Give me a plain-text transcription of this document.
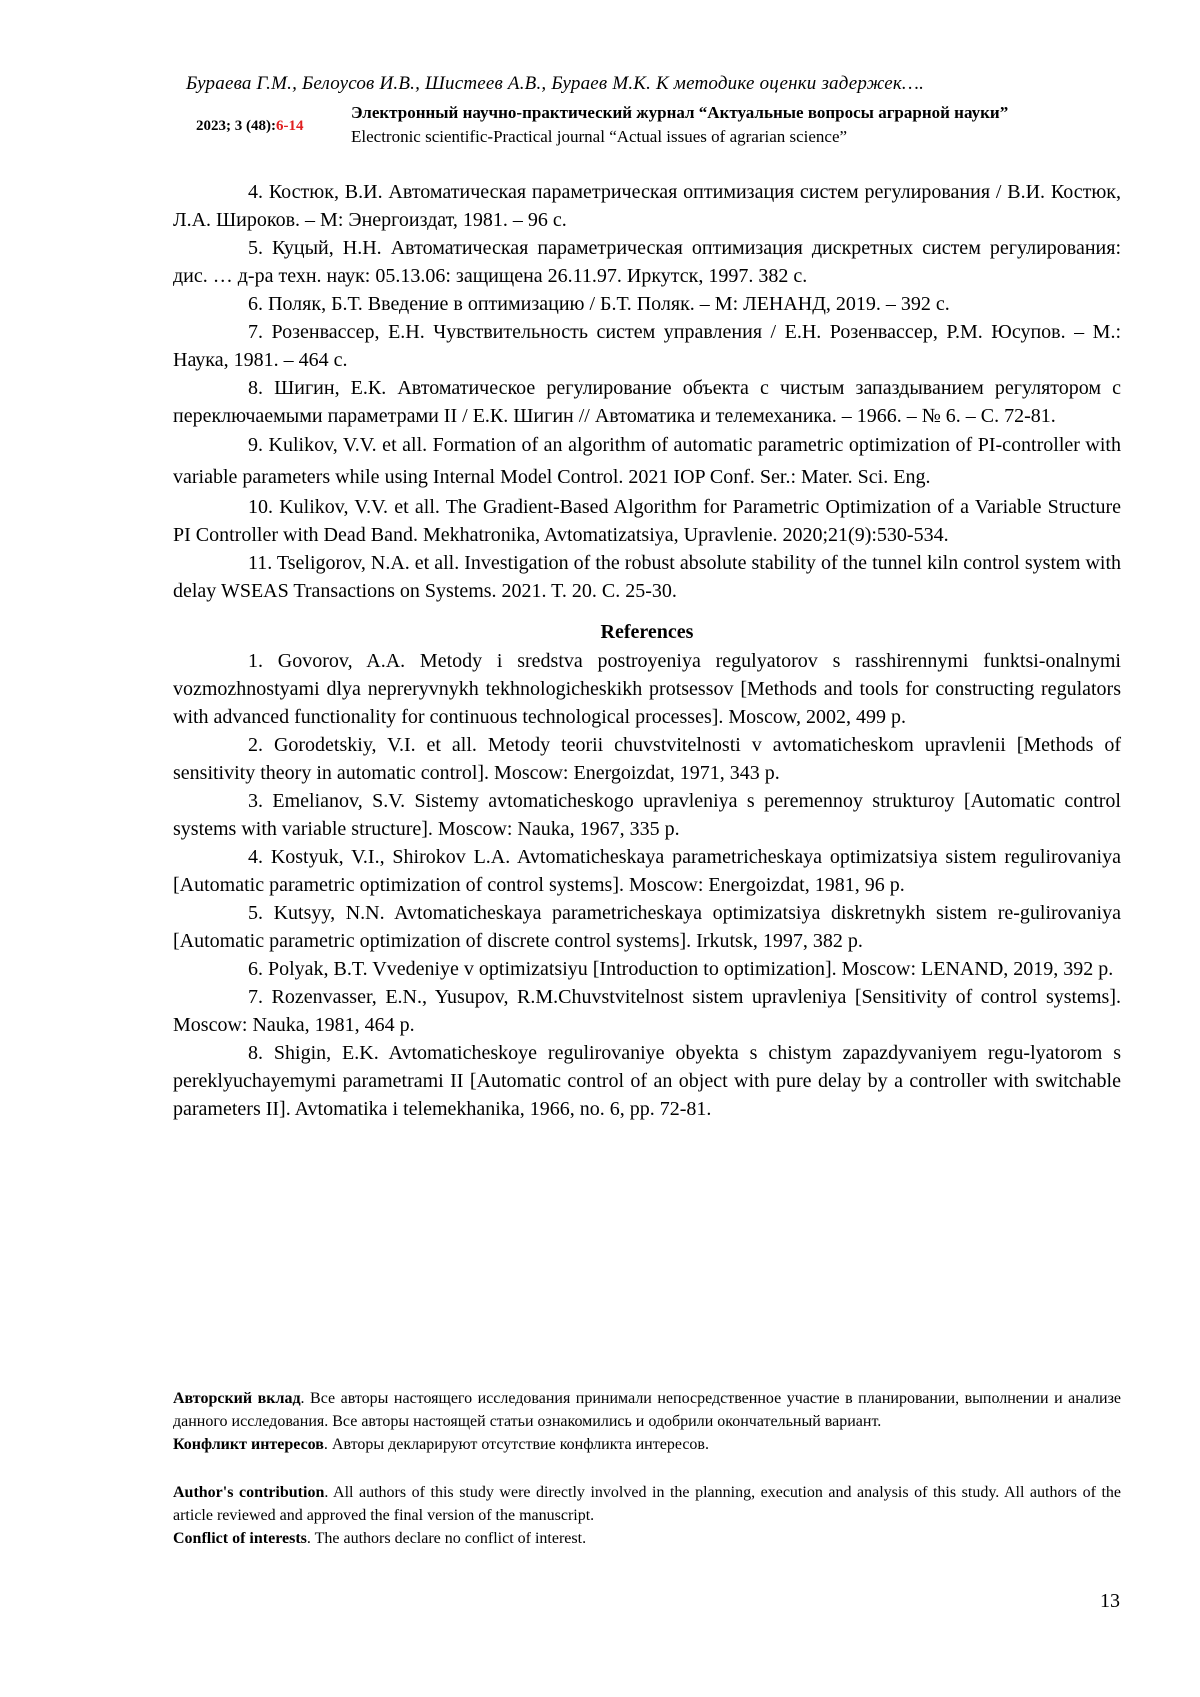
Бураева Г.М., Белоусов И.В., Шистеев А.В., Бураев М.К. К методике оценки задержек….
2023; 3 (48):6-14
Электронный научно-практический журнал “Актуальные вопросы аграрной науки”
Electronic scientific-Practical journal “Actual issues of agrarian science”

4. Костюк, В.И. Автоматическая параметрическая оптимизация систем регулирования / В.И. Костюк, Л.А. Широков. – М: Энергоиздат, 1981. – 96 с.

5. Куцый, Н.Н. Автоматическая параметрическая оптимизация дискретных систем регулирования: дис. … д-ра техн. наук: 05.13.06: защищена 26.11.97. Иркутск, 1997. 382 с.

6. Поляк, Б.Т. Введение в оптимизацию / Б.Т. Поляк. – М: ЛЕНАНД, 2019. – 392 с.

7. Розенвассер, Е.Н. Чувствительность систем управления / Е.Н. Розенвассер, Р.М. Юсупов. – М.: Наука, 1981. – 464 с.

8. Шигин, Е.К. Автоматическое регулирование объекта с чистым запаздыванием регулятором с переключаемыми параметрами II / Е.К. Шигин // Автоматика и телемеханика. – 1966. – № 6. – С. 72-81.

9. Kulikov, V.V. et all. Formation of an algorithm of automatic parametric optimization of PI-controller with variable parameters while using Internal Model Control. 2021 IOP Conf. Ser.: Mater. Sci. Eng.

10. Kulikov, V.V. et all. The Gradient-Based Algorithm for Parametric Optimization of a Variable Structure PI Controller with Dead Band. Mekhatronika, Avtomatizatsiya, Upravlenie. 2020;21(9):530-534.

11. Tseligorov, N.A. et all. Investigation of the robust absolute stability of the tunnel kiln control system with delay WSEAS Transactions on Systems. 2021. T. 20. C. 25-30.

References

1. Govorov, A.A. Metody i sredstva postroyeniya regulyatorov s rasshirennymi funktsi-onalnymi vozmozhnostyami dlya nepreryvnykh tekhnologicheskikh protsessov [Methods and tools for constructing regulators with advanced functionality for continuous technological processes]. Moscow, 2002, 499 p.

2. Gorodetskiy, V.I. et all. Metody teorii chuvstvitelnosti v avtomaticheskom upravlenii [Methods of sensitivity theory in automatic control]. Moscow: Energoizdat, 1971, 343 p.

3. Emelianov, S.V. Sistemy avtomaticheskogo upravleniya s peremennoy strukturoy [Automatic control systems with variable structure]. Moscow: Nauka, 1967, 335 p.

4. Kostyuk, V.I., Shirokov L.A. Avtomaticheskaya parametricheskaya optimizatsiya sistem regulirovaniya [Automatic parametric optimization of control systems]. Moscow: Energoizdat, 1981, 96 p.

5. Kutsyy, N.N. Avtomaticheskaya parametricheskaya optimizatsiya diskretnykh sistem re-gulirovaniya [Automatic parametric optimization of discrete control systems]. Irkutsk, 1997, 382 p.

6. Polyak, B.T. Vvedeniye v optimizatsiyu [Introduction to optimization]. Moscow: LENAND, 2019, 392 p.

7. Rozenvasser, E.N., Yusupov, R.M.Chuvstvitelnost sistem upravleniya [Sensitivity of control systems]. Moscow: Nauka, 1981, 464 p.

8. Shigin, E.K. Avtomaticheskoye regulirovaniye obyekta s chistym zapazdyvaniyem regu-lyatorom s pereklyuchayemymi parametrami II [Automatic control of an object with pure delay by a controller with switchable parameters II]. Avtomatika i telemekhanika, 1966, no. 6, pp. 72-81.

Авторский вклад. Все авторы настоящего исследования принимали непосредственное участие в планировании, выполнении и анализе данного исследования. Все авторы настоящей статьи ознакомились и одобрили окончательный вариант.

Конфликт интересов. Авторы декларируют отсутствие конфликта интересов.

Author's contribution. All authors of this study were directly involved in the planning, execution and analysis of this study. All authors of the article reviewed and approved the final version of the manuscript.

Conflict of interests. The authors declare no conflict of interest.

13
